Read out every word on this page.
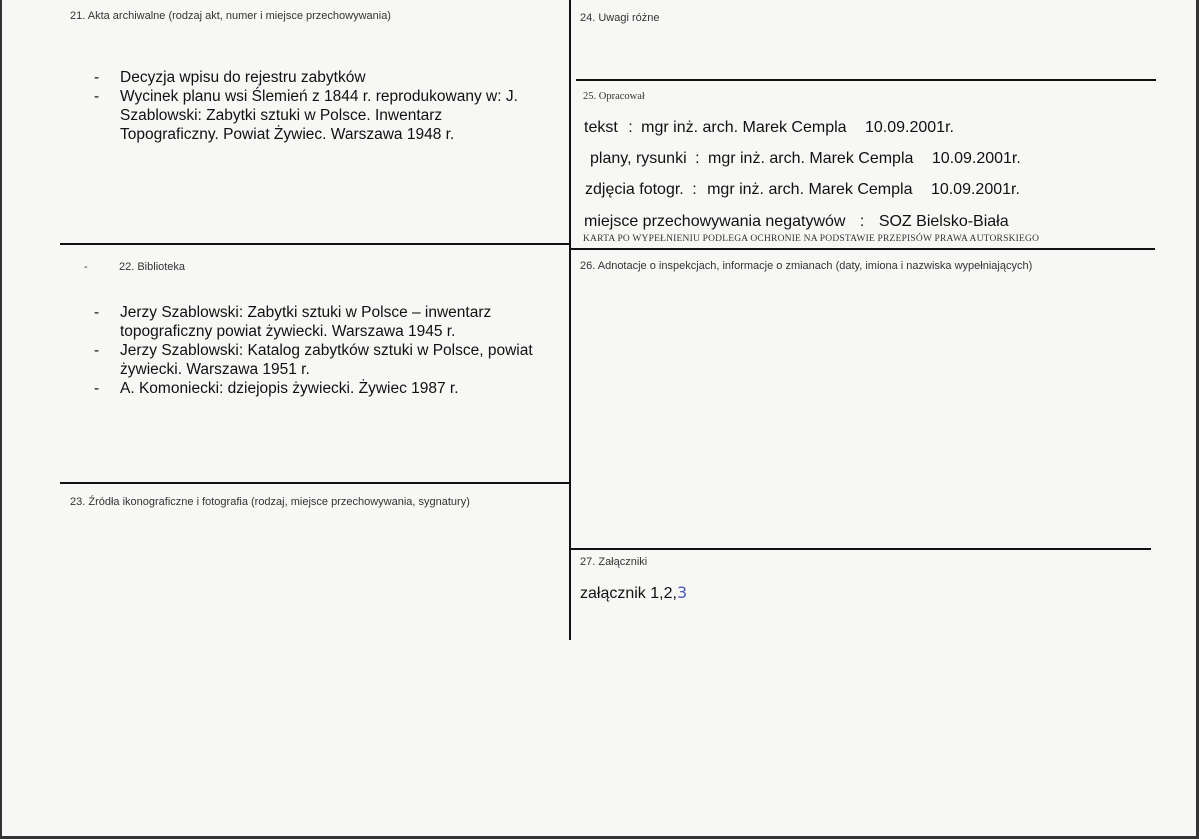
21. Akta archiwalne (rodzaj akt, numer i miejsce przechowywania)
- Decyzja wpisu do rejestru zabytków
- Wycinek planu wsi Ślemień z 1844 r. reprodukowany w: J. Szablowski: Zabytki sztuki w Polsce. Inwentarz Topograficzny. Powiat Żywiec. Warszawa 1948 r.
-	22. Biblioteka
- Jerzy Szablowski: Zabytki sztuki w Polsce – inwentarz topograficzny powiat żywiecki. Warszawa 1945 r.
- Jerzy Szablowski: Katalog zabytków sztuki w Polsce, powiat żywiecki. Warszawa 1951 r.
- A. Komoniecki: dziejopis żywiecki. Żywiec 1987 r.
23. Źródła ikonograficzne i fotografia (rodzaj, miejsce przechowywania, sygnatury)
24. Uwagi różne
25. Opracował
tekst : mgr inż. arch. Marek Cempla 10.09.2001r.
plany, rysunki : mgr inż. arch. Marek Cempla 10.09.2001r.
zdjęcia fotogr. : mgr inż. arch. Marek Cempla 10.09.2001r.
miejsce przechowywania negatywów : SOZ Bielsko-Biała
KARTA PO WYPEŁNIENIU PODLEGA OCHRONIE NA PODSTAWIE PRZEPISÓW PRAWA AUTORSKIEGO
26. Adnotacje o inspekcjach, informacje o zmianach (daty, imiona i nazwiska wypełniających)
27. Załączniki
załącznik 1,2,3
